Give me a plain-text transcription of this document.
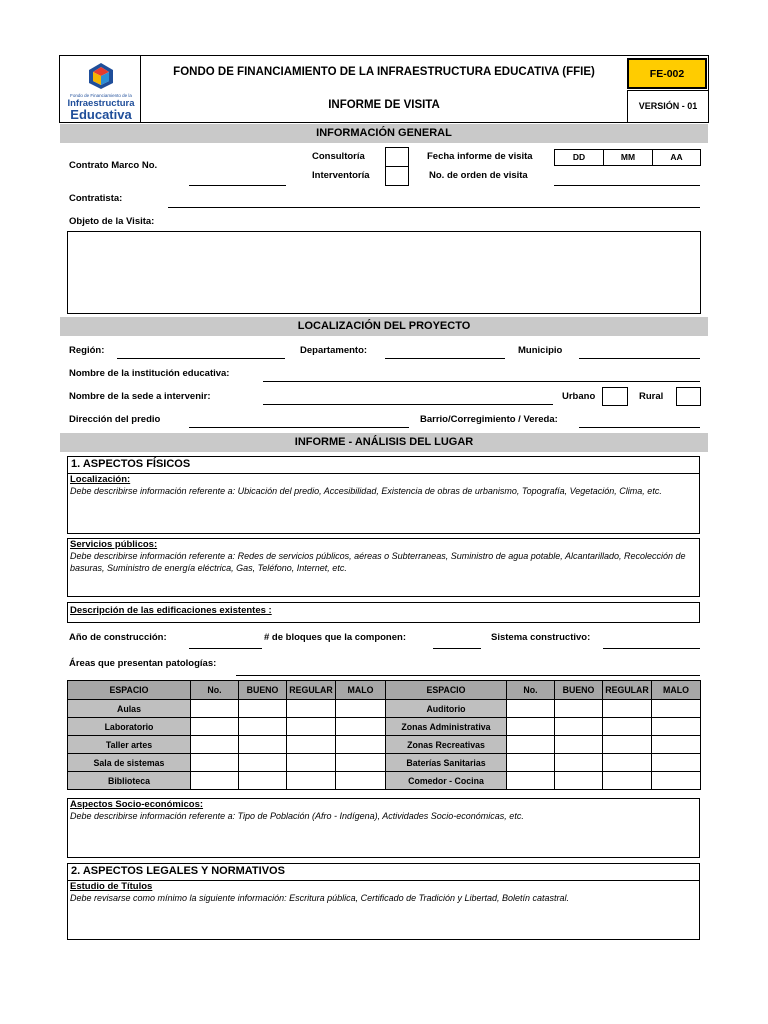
Fondo de Financiamiento de la
Infraestructura
Educativa
FONDO DE FINANCIAMIENTO DE LA INFRAESTRUCTURA EDUCATIVA (FFIE)
INFORME DE VISITA
FE-002
VERSIÓN - 01
INFORMACIÓN GENERAL
Contrato Marco No.
Consultoría
Interventoría
Fecha informe de visita	DD	MM	AA
No. de orden de visita
Contratista:
Objeto de la Visita:
LOCALIZACIÓN DEL PROYECTO
Región:	Departamento:	Municipio
Nombre de la institución educativa:
Nombre de la sede a intervenir:	Urbano	Rural
Dirección del predio	Barrio/Corregimiento / Vereda:
INFORME - ANÁLISIS DEL LUGAR
1. ASPECTOS FÍSICOS
Localización:
Debe describirse información referente a: Ubicación del predio, Accesibilidad, Existencia de obras de urbanismo, Topografía, Vegetación, Clima, etc.
Servicios públicos:
Debe describirse información referente a: Redes de servicios públicos, aéreas o Subterraneas, Suministro de agua potable, Alcantarillado, Recolección de basuras, Suministro de energía eléctrica, Gas, Teléfono, Internet, etc.
Descripción de las edificaciones existentes :
Año de construcción:	# de bloques que la componen:	Sistema constructivo:
Áreas que presentan patologías:
ESPACIO	No.	BUENO	REGULAR	MALO	ESPACIO	No.	BUENO	REGULAR	MALO
Aulas					Auditorio				
Laboratorio					Zonas Administrativa				
Taller artes					Zonas Recreativas				
Sala de sistemas					Baterías Sanitarias				
Biblioteca					Comedor - Cocina				
Aspectos Socio-económicos:
Debe describirse información referente a: Tipo de Población (Afro - Indígena), Actividades Socio-económicas, etc.
2. ASPECTOS LEGALES Y NORMATIVOS
Estudio de Títulos
Debe revisarse como mínimo la siguiente información: Escritura pública, Certificado de Tradición y Libertad, Boletín catastral.
